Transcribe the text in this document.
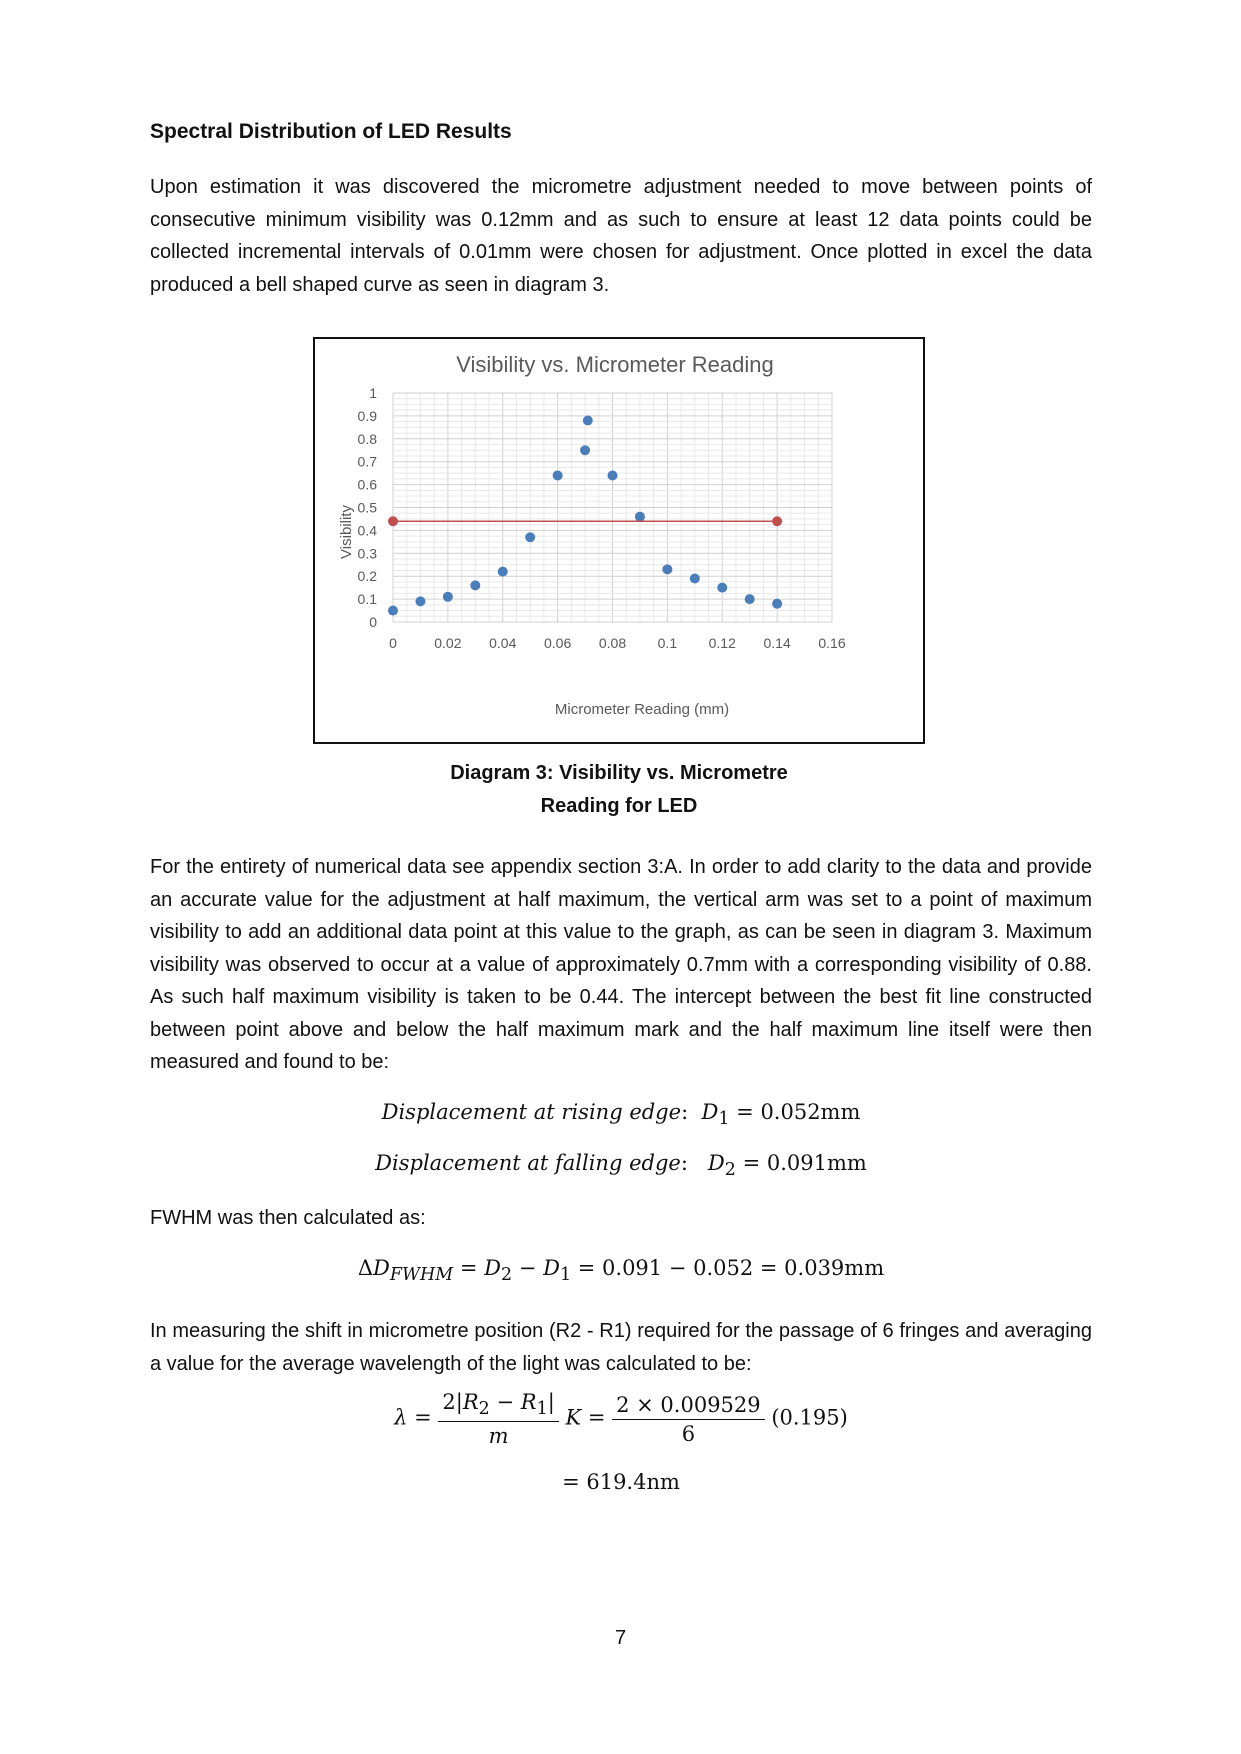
Spectral Distribution of LED Results

Upon estimation it was discovered the micrometre adjustment needed to move between points of consecutive minimum visibility was 0.12mm and as such to ensure at least 12 data points could be collected incremental intervals of 0.01mm were chosen for adjustment. Once plotted in excel the data produced a bell shaped curve as seen in diagram 3.

0
0.1
0.2
0.3
0.4
0.5
0.6
0.7
0.8
0.9
1
0	0.02 0.04 0.06 0.08 0.1 0.12 0.14 0.16
Visibility vs. Micrometer Reading
Micrometer Reading (mm)
Visibility
Diagram 3: Visibility vs. Micrometre
Reading for LED

For the entirety of numerical data see appendix section 3:A. In order to add clarity to the data and provide an accurate value for the adjustment at half maximum, the vertical arm was set to a point of maximum visibility to add an additional data point at this value to the graph, as can be seen in diagram 3. Maximum visibility was observed to occur at a value of approximately 0.7mm with a corresponding visibility of 0.88. As such half maximum visibility is taken to be 0.44. The intercept between the best fit line constructed between point above and below the half maximum mark and the half maximum line itself were then measured and found to be:

Displacement at rising edge:  $D_1 = 0.052mm$
Displacement at falling edge:   $D_2 = 0.091mm$

FWHM was then calculated as:

$\Delta D_{FWHM} = D_2 - D_1 = 0.091 - 0.052 = 0.039mm$

In measuring the shift in micrometre position (R2 - R1) required for the passage of 6 fringes and averaging a value for the average wavelength of the light was calculated to be:

$\lambda = \frac{2|R_2 - R_1|}{m}$ $K = \frac{2 \times 0.009529}{6} (0.195)$
= 619.4nm
7
